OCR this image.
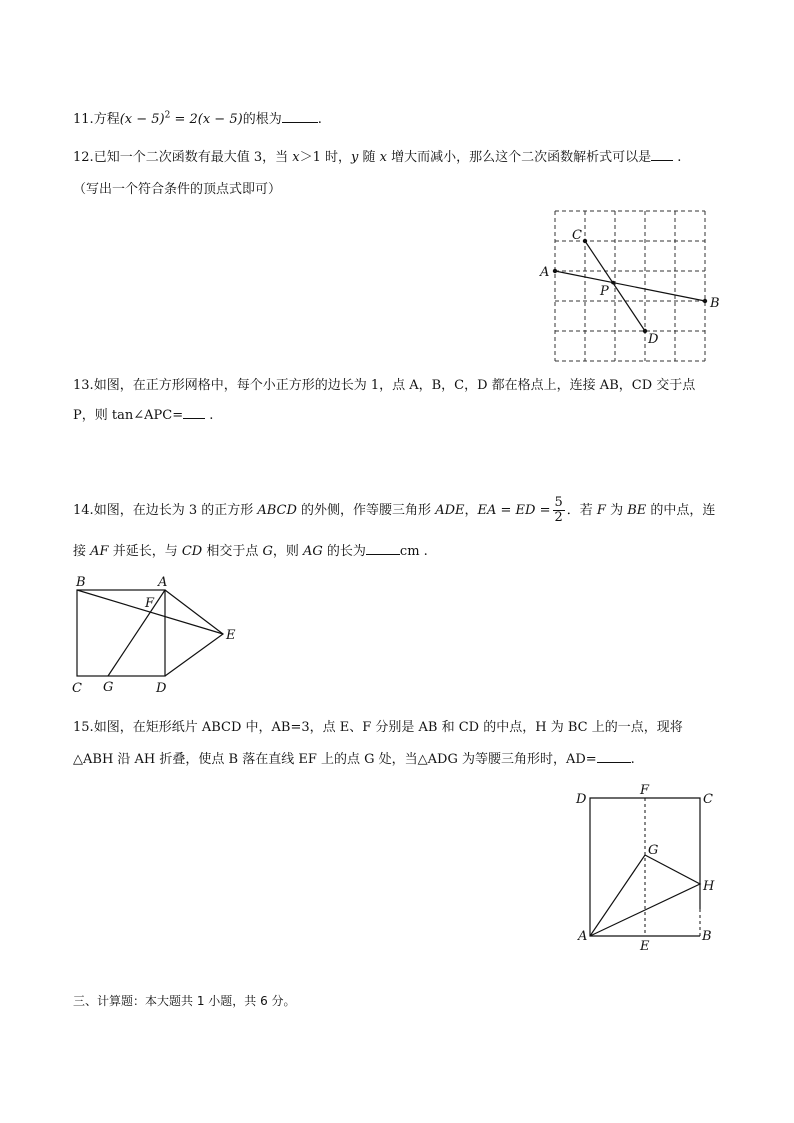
11.方程$(x - 5)^2 = 2(x - 5)$的根为	.
12.已知一个二次函数有最大值 3，当 x＞1 时，y 随 x 增大而减小，那么这个二次函数解析式可以是 .
（写出一个符合条件的顶点式即可）
A
B
C
D
P
13.如图，在正方形网格中，每个小正方形的边长为 1，点 A，B，C，D 都在格点上，连接 AB，CD 交于点
P，则 tan∠APC= .
14.如图，在边长为 3 的正方形 ABCD 的外侧，作等腰三角形 ADE，EA = ED = $\frac{5}{2}$ ．若 F 为 BE 的中点，连
接 AF 并延长，与 CD 相交于点 G，则 AG 的长为	cm .
B	A
F
E
C G	D
15.如图，在矩形纸片 ABCD 中，AB=3，点 E、F 分别是 AB 和 CD 的中点，H 为 BC 上的一点，现将
△ABH 沿 AH 折叠，使点 B 落在直线 EF 上的点 G 处，当△ADG 为等腰三角形时，AD=	.
D
F
C
G
H
A	B
E
三、计算题：本大题共 1 小题，共 6 分。
